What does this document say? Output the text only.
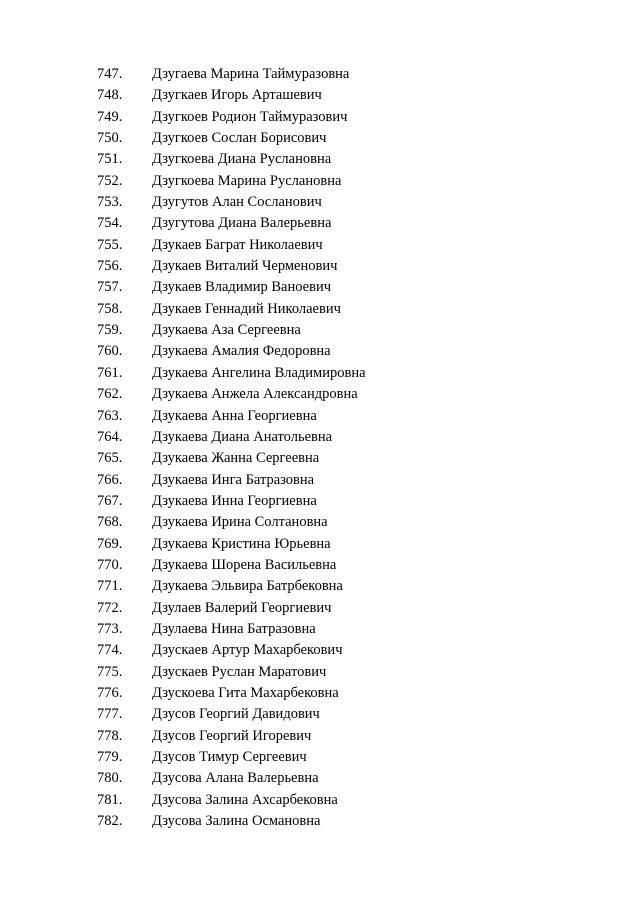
747.	Дзугаева Марина Таймуразовна
748.	Дзугкаев Игорь Арташевич
749.	Дзугкоев Родион Таймуразович
750.	Дзугкоев Сослан Борисович
751.	Дзугкоева Диана Руслановна
752.	Дзугкоева Марина Руслановна
753.	Дзугутов Алан Сосланович
754.	Дзугутова Диана Валерьевна
755.	Дзукаев Баграт Николаевич
756.	Дзукаев Виталий Черменович
757.	Дзукаев Владимир Ваноевич
758.	Дзукаев Геннадий Николаевич
759.	Дзукаева Аза Сергеевна
760.	Дзукаева Амалия Федоровна
761.	Дзукаева Ангелина Владимировна
762.	Дзукаева Анжела Александровна
763.	Дзукаева Анна Георгиевна
764.	Дзукаева Диана Анатольевна
765.	Дзукаева Жанна Сергеевна
766.	Дзукаева Инга Батразовна
767.	Дзукаева Инна Георгиевна
768.	Дзукаева Ирина Солтановна
769.	Дзукаева Кристина Юрьевна
770.	Дзукаева Шорена Васильевна
771.	Дзукаева Эльвира Батрбековна
772.	Дзулаев Валерий Георгиевич
773.	Дзулаева Нина Батразовна
774.	Дзускаев Артур Махарбекович
775.	Дзускаев Руслан Маратович
776.	Дзускоева Гита Махарбековна
777.	Дзусов Георгий Давидович
778.	Дзусов Георгий Игоревич
779.	Дзусов Тимур Сергеевич
780.	Дзусова Алана Валерьевна
781.	Дзусова Залина Ахсарбековна
782.	Дзусова Залина Османовна
